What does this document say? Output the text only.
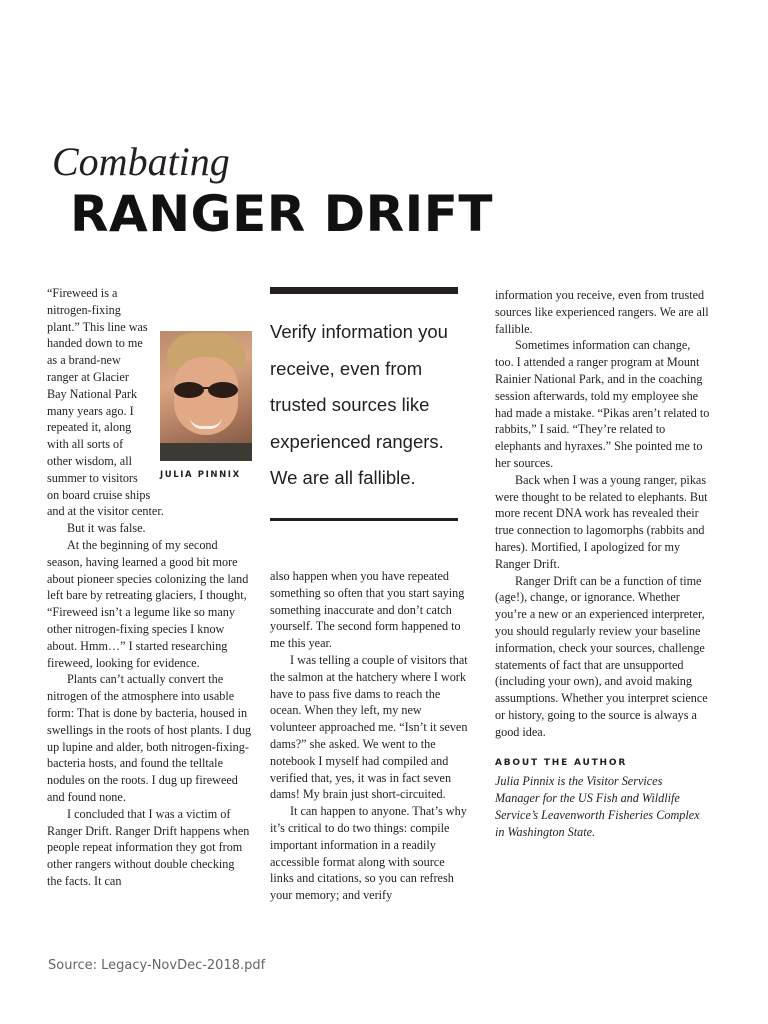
Combating
RANGER DRIFT
JULIA PINNIX

“Fireweed is a nitrogen-fixing plant.” This line was handed down to me as a brand-new ranger at Glacier Bay National Park many years ago. I repeated it, along with all sorts of other wisdom, all summer to visitors on board cruise ships and at the visitor center.

But it was false.

At the beginning of my second season, having learned a good bit more about pioneer species colonizing the land left bare by retreating glaciers, I thought, “Fireweed isn’t a legume like so many other nitrogen-fixing species I know about. Hmm…” I started researching fireweed, looking for evidence.

Plants can’t actually convert the nitrogen of the atmosphere into usable form: That is done by bacteria, housed in swellings in the roots of host plants. I dug up lupine and alder, both nitrogen-fixing-bacteria hosts, and found the telltale nodules on the roots. I dug up fireweed and found none.

I concluded that I was a victim of Ranger Drift. Ranger Drift happens when people repeat information they got from other rangers without double checking the facts. It can

Verify information you receive, even from trusted sources like experienced rangers. We are all fallible.

also happen when you have repeated something so often that you start saying something inaccurate and don’t catch yourself. The second form happened to me this year.

I was telling a couple of visitors that the salmon at the hatchery where I work have to pass five dams to reach the ocean. When they left, my new volunteer approached me. “Isn’t it seven dams?” she asked. We went to the notebook I myself had compiled and verified that, yes, it was in fact seven dams! My brain just short-circuited.

It can happen to anyone. That’s why it’s critical to do two things: compile important information in a readily accessible format along with source links and citations, so you can refresh your memory; and verify

information you receive, even from trusted sources like experienced rangers. We are all fallible.

Sometimes information can change, too. I attended a ranger program at Mount Rainier National Park, and in the coaching session afterwards, told my employee she had made a mistake. “Pikas aren’t related to rabbits,” I said. “They’re related to elephants and hyraxes.” She pointed me to her sources.

Back when I was a young ranger, pikas were thought to be related to elephants. But more recent DNA work has revealed their true connection to lagomorphs (rabbits and hares). Mortified, I apologized for my Ranger Drift.

Ranger Drift can be a function of time (age!), change, or ignorance. Whether you’re a new or an experienced interpreter, you should regularly review your baseline information, check your sources, challenge statements of fact that are unsupported (including your own), and avoid making assumptions. Whether you interpret science or history, going to the source is always a good idea.

ABOUT THE AUTHOR

Julia Pinnix is the Visitor Services Manager for the US Fish and Wildlife Service’s Leavenworth Fisheries Complex in Washington State.

Source: Legacy-NovDec-2018.pdf
